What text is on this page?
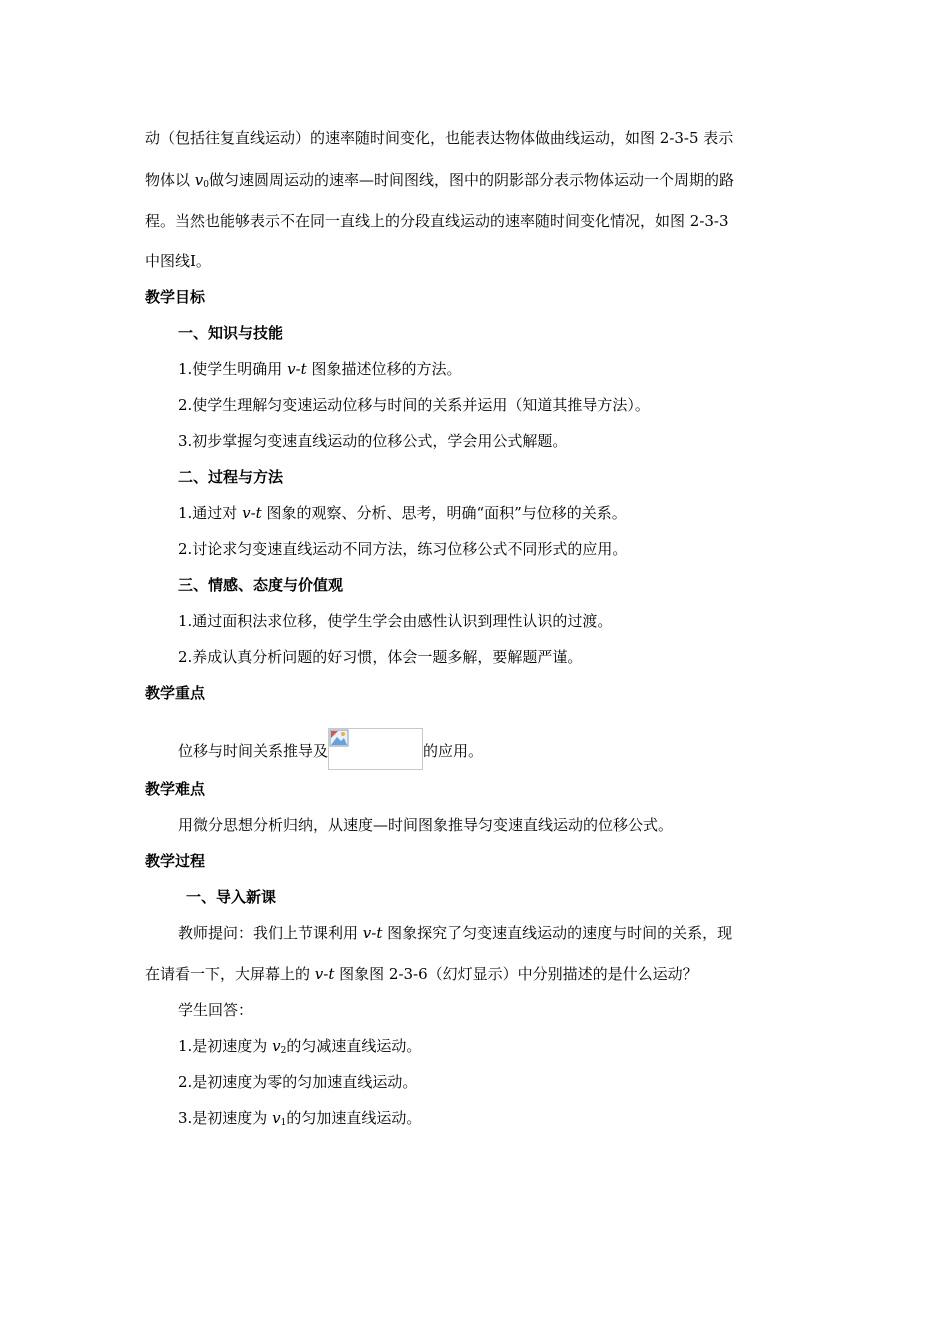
动（包括往复直线运动）的速率随时间变化，也能表达物体做曲线运动，如图 2-3-5 表示
物体以 $v_0$做匀速圆周运动的速率—时间图线，图中的阴影部分表示物体运动一个周期的路
程。当然也能够表示不在同一直线上的分段直线运动的速率随时间变化情况，如图 2-3-3
中图线Ⅰ。
教学目标
一、知识与技能
1.使学生明确用 v-t 图象描述位移的方法。
2.使学生理解匀变速运动位移与时间的关系并运用（知道其推导方法）。
3.初步掌握匀变速直线运动的位移公式，学会用公式解题。
二、过程与方法
1.通过对 v-t 图象的观察、分析、思考，明确“面积”与位移的关系。
2.讨论求匀变速直线运动不同方法，练习位移公式不同形式的应用。
三、情感、态度与价值观
1.通过面积法求位移，使学生学会由感性认识到理性认识的过渡。
2.养成认真分析问题的好习惯，体会一题多解，要解题严谨。
教学重点
位移与时间关系推导及	的应用。
教学难点
用微分思想分析归纳，从速度—时间图象推导匀变速直线运动的位移公式。
教学过程
一、导入新课
教师提问：我们上节课利用 v-t 图象探究了匀变速直线运动的速度与时间的关系，现
在请看一下，大屏幕上的 v-t 图象图 2-3-6（幻灯显示）中分别描述的是什么运动？
学生回答：
1.是初速度为 $v_2$的匀减速直线运动。
2.是初速度为零的匀加速直线运动。
3.是初速度为 $v_1$的匀加速直线运动。
